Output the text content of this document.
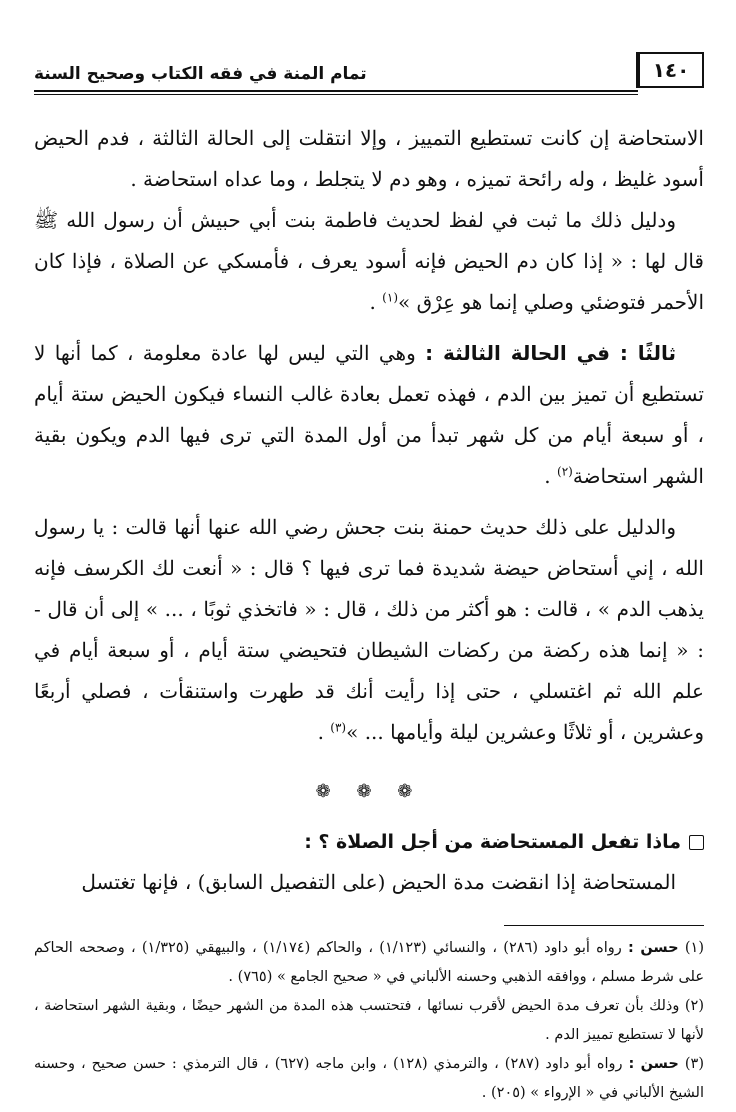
١٤٠
تمام المنة في فقه الكتاب وصحيح السنة

الاستحاضة إن كانت تستطيع التمييز ، وإلا انتقلت إلى الحالة الثالثة ، فدم الحيض أسود غليظ ، وله رائحة تميزه ، وهو دم لا يتجلط ، وما عداه استحاضة .

ودليل ذلك ما ثبت في لفظ لحديث فاطمة بنت أبي حبيش أن رسول الله ﷺ قال لها : « إذا كان دم الحيض فإنه أسود يعرف ، فأمسكي عن الصلاة ، فإذا كان الأحمر فتوضئي وصلي إنما هو عِرْق »$^{(١)}$ .

ثالثًا : في الحالة الثالثة : وهي التي ليس لها عادة معلومة ، كما أنها لا تستطيع أن تميز بين الدم ، فهذه تعمل بعادة غالب النساء فيكون الحيض ستة أيام ، أو سبعة أيام من كل شهر تبدأ من أول المدة التي ترى فيها الدم ويكون بقية الشهر استحاضة$^{(٢)}$ .

والدليل على ذلك حديث حمنة بنت جحش رضي الله عنها أنها قالت : يا رسول الله ، إني أستحاض حيضة شديدة فما ترى فيها ؟ قال : « أنعت لك الكرسف فإنه يذهب الدم » ، قالت : هو أكثر من ذلك ، قال : « فاتخذي ثوبًا ، ... » إلى أن قال - : « إنما هذه ركضة من ركضات الشيطان فتحيضي ستة أيام ، أو سبعة أيام في علم الله ثم اغتسلي ، حتى إذا رأيت أنك قد طهرت واستنقأت ، فصلي أربعًا وعشرين ، أو ثلاثًا وعشرين ليلة وأيامها ... »$^{(٣)}$ .

❁ ❁ ❁
ماذا تفعل المستحاضة من أجل الصلاة ؟ :

المستحاضة إذا انقضت مدة الحيض (على التفصيل السابق) ، فإنها تغتسل

(١) حسن : رواه أبو داود (٢٨٦) ، والنسائي (١/١٢٣) ، والحاكم (١/١٧٤) ، والبيهقي (١/٣٢٥) ، وصححه الحاكم على شرط مسلم ، ووافقه الذهبي وحسنه الألباني في « صحيح الجامع » (٧٦٥) .

(٢) وذلك بأن تعرف مدة الحيض لأقرب نسائها ، فتحتسب هذه المدة من الشهر حيضًا ، وبقية الشهر استحاضة ، لأنها لا تستطيع تمييز الدم .

(٣) حسن : رواه أبو داود (٢٨٧) ، والترمذي (١٢٨) ، وابن ماجه (٦٢٧) ، قال الترمذي : حسن صحيح ، وحسنه الشيخ الألباني في « الإرواء » (٢٠٥) .
